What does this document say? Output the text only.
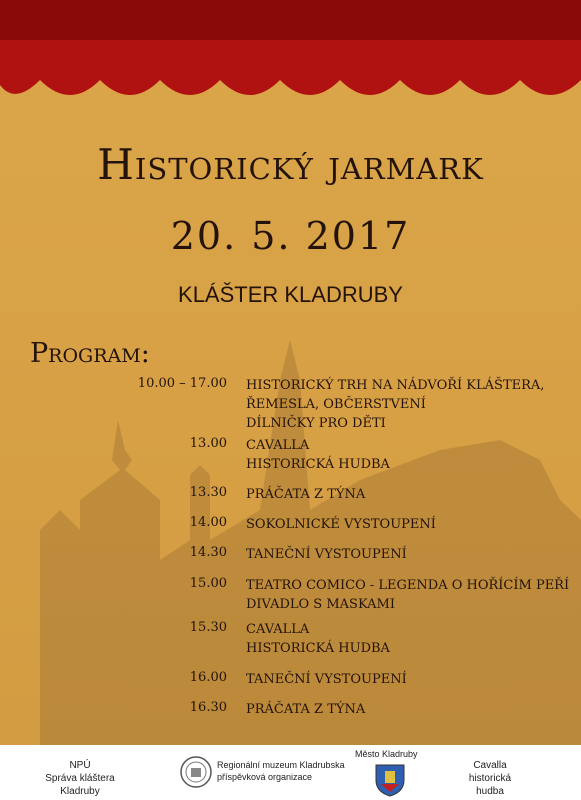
Historický jarmark
20. 5. 2017
KLÁŠTER KLADRUBY
Program:
10.00 – 17.00 HISTORICKÝ TRH NA NÁDVOŘÍ KLÁŠTERA,
ŘEMESLA, OBČERSTVENÍ
DÍLNIČKY PRO DĚTI
13.00 CAVALLA
HISTORICKÁ HUDBA
13.30 PRÁČATA Z TÝNA
14.00 SOKOLNICKÉ VYSTOUPENÍ
14.30 TANEČNÍ VYSTOUPENÍ
15.00 TEATRO COMICO - LEGENDA O HOŘÍCÍM PEŘÍ
DIVADLO S MASKAMI
15.30 CAVALLA
HISTORICKÁ HUDBA
16.00 TANEČNÍ VYSTOUPENÍ
16.30 PRÁČATA Z TÝNA
NPÚ
Správa kláštera Kladruby
Regionální muzeum Kladrubska
příspěvková organizace
Město Kladruby
Cavalla
historická hudba
